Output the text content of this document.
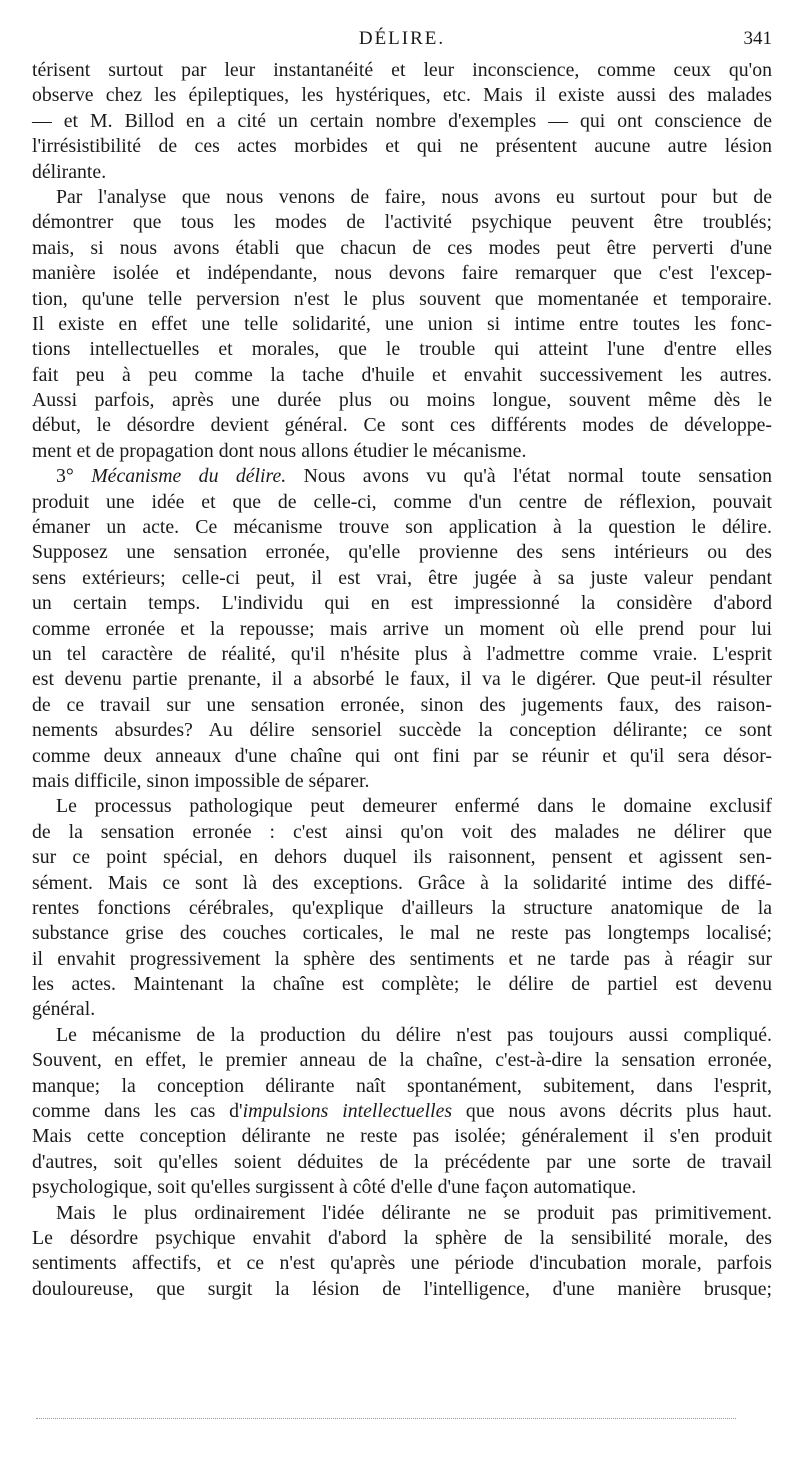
DÉLIRE.	341
térisent surtout par leur instantanéité et leur inconscience, comme ceux qu'on
observe chez les épileptiques, les hystériques, etc. Mais il existe aussi des malades
— et M. Billod en a cité un certain nombre d'exemples — qui ont conscience de
l'irrésistibilité de ces actes morbides et qui ne présentent aucune autre lésion
délirante.
Par l'analyse que nous venons de faire, nous avons eu surtout pour but de
démontrer que tous les modes de l'activité psychique peuvent être troublés;
mais, si nous avons établi que chacun de ces modes peut être perverti d'une
manière isolée et indépendante, nous devons faire remarquer que c'est l'excep-
tion, qu'une telle perversion n'est le plus souvent que momentanée et temporaire.
Il existe en effet une telle solidarité, une union si intime entre toutes les fonc-
tions intellectuelles et morales, que le trouble qui atteint l'une d'entre elles
fait peu à peu comme la tache d'huile et envahit successivement les autres.
Aussi parfois, après une durée plus ou moins longue, souvent même dès le
début, le désordre devient général. Ce sont ces différents modes de développe-
ment et de propagation dont nous allons étudier le mécanisme.
3° Mécanisme du délire. Nous avons vu qu'à l'état normal toute sensation
produit une idée et que de celle-ci, comme d'un centre de réflexion, pouvait
émaner un acte. Ce mécanisme trouve son application à la question le délire.
Supposez une sensation erronée, qu'elle provienne des sens intérieurs ou des
sens extérieurs; celle-ci peut, il est vrai, être jugée à sa juste valeur pendant
un certain temps. L'individu qui en est impressionné la considère d'abord
comme erronée et la repousse; mais arrive un moment où elle prend pour lui
un tel caractère de réalité, qu'il n'hésite plus à l'admettre comme vraie. L'esprit
est devenu partie prenante, il a absorbé le faux, il va le digérer. Que peut-il résulter
de ce travail sur une sensation erronée, sinon des jugements faux, des raison-
nements absurdes? Au délire sensoriel succède la conception délirante; ce sont
comme deux anneaux d'une chaîne qui ont fini par se réunir et qu'il sera désor-
mais difficile, sinon impossible de séparer.
Le processus pathologique peut demeurer enfermé dans le domaine exclusif
de la sensation erronée : c'est ainsi qu'on voit des malades ne délirer que
sur ce point spécial, en dehors duquel ils raisonnent, pensent et agissent sen-
sément. Mais ce sont là des exceptions. Grâce à la solidarité intime des diffé-
rentes fonctions cérébrales, qu'explique d'ailleurs la structure anatomique de la
substance grise des couches corticales, le mal ne reste pas longtemps localisé;
il envahit progressivement la sphère des sentiments et ne tarde pas à réagir sur
les actes. Maintenant la chaîne est complète; le délire de partiel est devenu
général.
Le mécanisme de la production du délire n'est pas toujours aussi compliqué.
Souvent, en effet, le premier anneau de la chaîne, c'est-à-dire la sensation erronée,
manque; la conception délirante naît spontanément, subitement, dans l'esprit,
comme dans les cas d'impulsions intellectuelles que nous avons décrits plus haut.
Mais cette conception délirante ne reste pas isolée; généralement il s'en produit
d'autres, soit qu'elles soient déduites de la précédente par une sorte de travail
psychologique, soit qu'elles surgissent à côté d'elle d'une façon automatique.
Mais le plus ordinairement l'idée délirante ne se produit pas primitivement.
Le désordre psychique envahit d'abord la sphère de la sensibilité morale, des
sentiments affectifs, et ce n'est qu'après une période d'incubation morale, parfois
douloureuse, que surgit la lésion de l'intelligence, d'une manière brusque;
